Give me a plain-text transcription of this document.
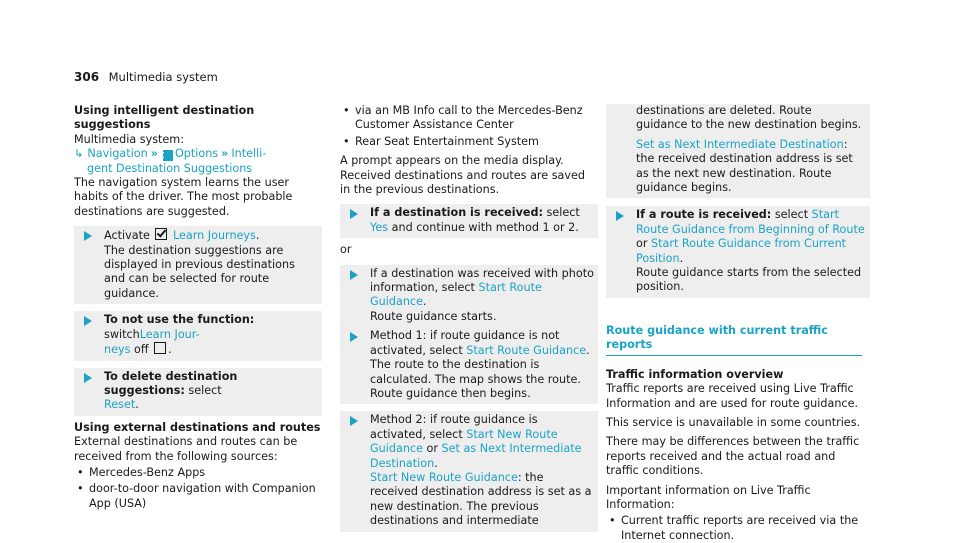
306 Multimedia system

Using intelligent destination suggestions

Multimedia system:

↳ Navigation »Z Options » Intelli-
gent Destination Suggestions

The navigation system learns the user habits of the driver. The most probable destinations are suggested.

Activate Learn Journeys.

The destination suggestions are displayed in previous destinations and can be selected for route guidance.

To not use the function: switchLearn Jour-
neys off .

To delete destination suggestions: select
Reset.

Using external destinations and routes

External destinations and routes can be received from the following sources:

• Mercedes-Benz Apps

• door-to-door navigation with Companion App (USA)

• via an MB Info call to the Mercedes-Benz Customer Assistance Center

• Rear Seat Entertainment System

A prompt appears on the media display. Received destinations and routes are saved in the previous destinations.

If a destination is received: select Yes and continue with method 1 or 2.

or

If a destination was received with photo information, select Start Route Guidance.

Route guidance starts.

Method 1: if route guidance is not activated, select Start Route Guidance.

The route to the destination is calculated. The map shows the route. Route guidance then begins.

Method 2: if route guidance is activated, select Start New Route Guidance or Set as Next Intermediate Destination.

Start New Route Guidance: the received destination address is set as a new destination. The previous destinations and intermediate

destinations are deleted. Route guidance to the new destination begins.

Set as Next Intermediate Destination: the received destination address is set as the next new destination. Route guidance begins.

If a route is received: select Start Route Guidance from Beginning of Route or Start Route Guidance from Current Position.

Route guidance starts from the selected position.

Route guidance with current traffic reports

Traffic information overview

Traffic reports are received using Live Traffic Information and are used for route guidance.

This service is unavailable in some countries.

There may be differences between the traffic reports received and the actual road and traffic conditions.

Important information on Live Traffic Information:

• Current traffic reports are received via the Internet connection.
